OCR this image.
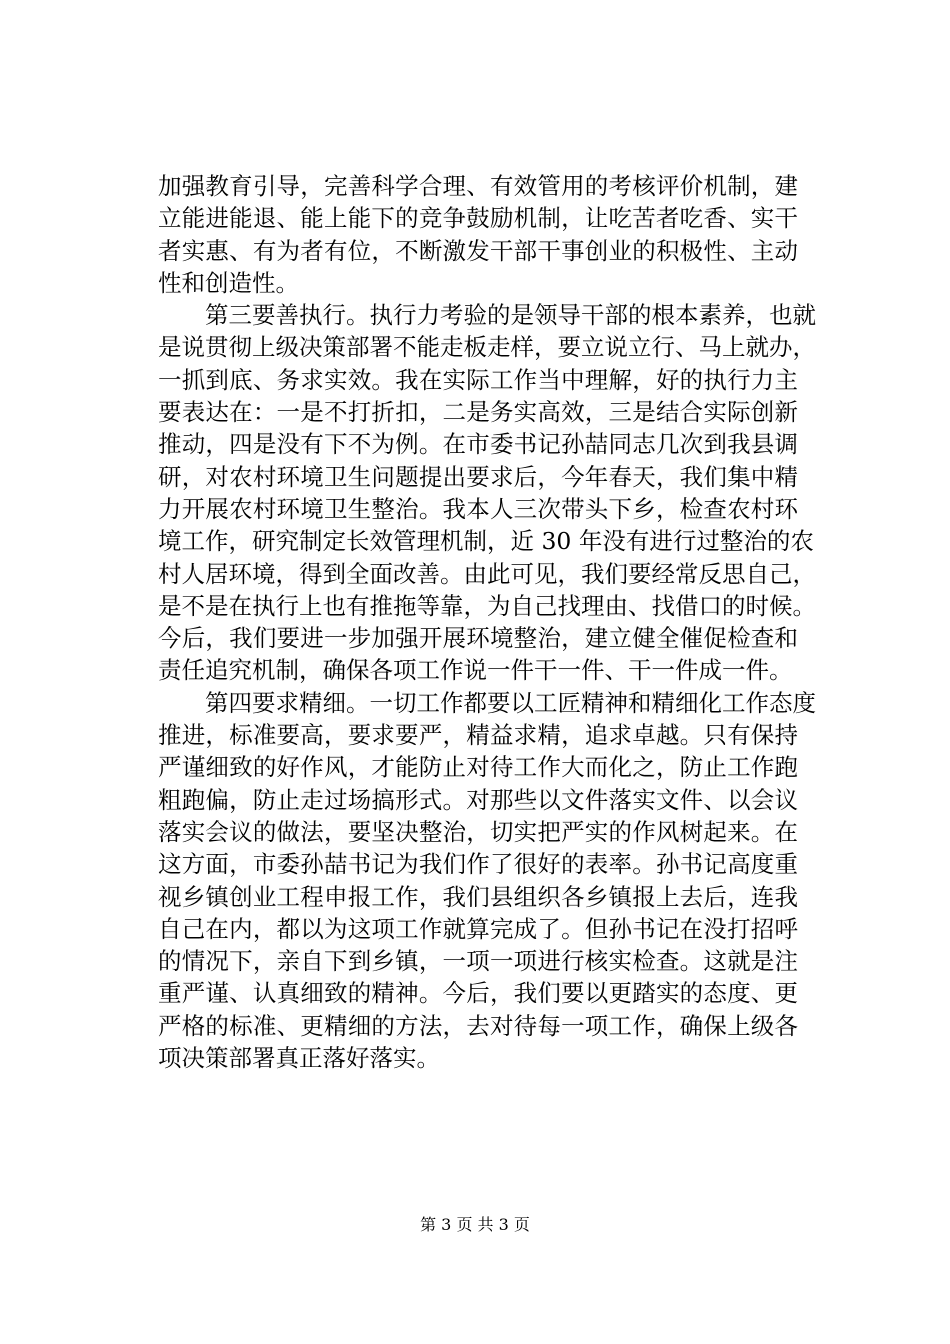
加强教育引导，完善科学合理、有效管用的考核评价机制，建
立能进能退、能上能下的竞争鼓励机制，让吃苦者吃香、实干
者实惠、有为者有位，不断激发干部干事创业的积极性、主动
性和创造性。
第三要善执行。执行力考验的是领导干部的根本素养，也就
是说贯彻上级决策部署不能走板走样，要立说立行、马上就办，
一抓到底、务求实效。我在实际工作当中理解，好的执行力主
要表达在：一是不打折扣，二是务实高效，三是结合实际创新
推动，四是没有下不为例。在市委书记孙喆同志几次到我县调
研，对农村环境卫生问题提出要求后，今年春天，我们集中精
力开展农村环境卫生整治。我本人三次带头下乡，检查农村环
境工作，研究制定长效管理机制，近 30 年没有进行过整治的农
村人居环境，得到全面改善。由此可见，我们要经常反思自己，
是不是在执行上也有推拖等靠，为自己找理由、找借口的时候。
今后，我们要进一步加强开展环境整治，建立健全催促检查和
责任追究机制，确保各项工作说一件干一件、干一件成一件。
第四要求精细。一切工作都要以工匠精神和精细化工作态度
推进，标准要高，要求要严，精益求精，追求卓越。只有保持
严谨细致的好作风，才能防止对待工作大而化之，防止工作跑
粗跑偏，防止走过场搞形式。对那些以文件落实文件、以会议
落实会议的做法，要坚决整治，切实把严实的作风树起来。在
这方面，市委孙喆书记为我们作了很好的表率。孙书记高度重
视乡镇创业工程申报工作，我们县组织各乡镇报上去后，连我
自己在内，都以为这项工作就算完成了。但孙书记在没打招呼
的情况下，亲自下到乡镇，一项一项进行核实检查。这就是注
重严谨、认真细致的精神。今后，我们要以更踏实的态度、更
严格的标准、更精细的方法，去对待每一项工作，确保上级各
项决策部署真正落好落实。
第 3 页 共 3 页
